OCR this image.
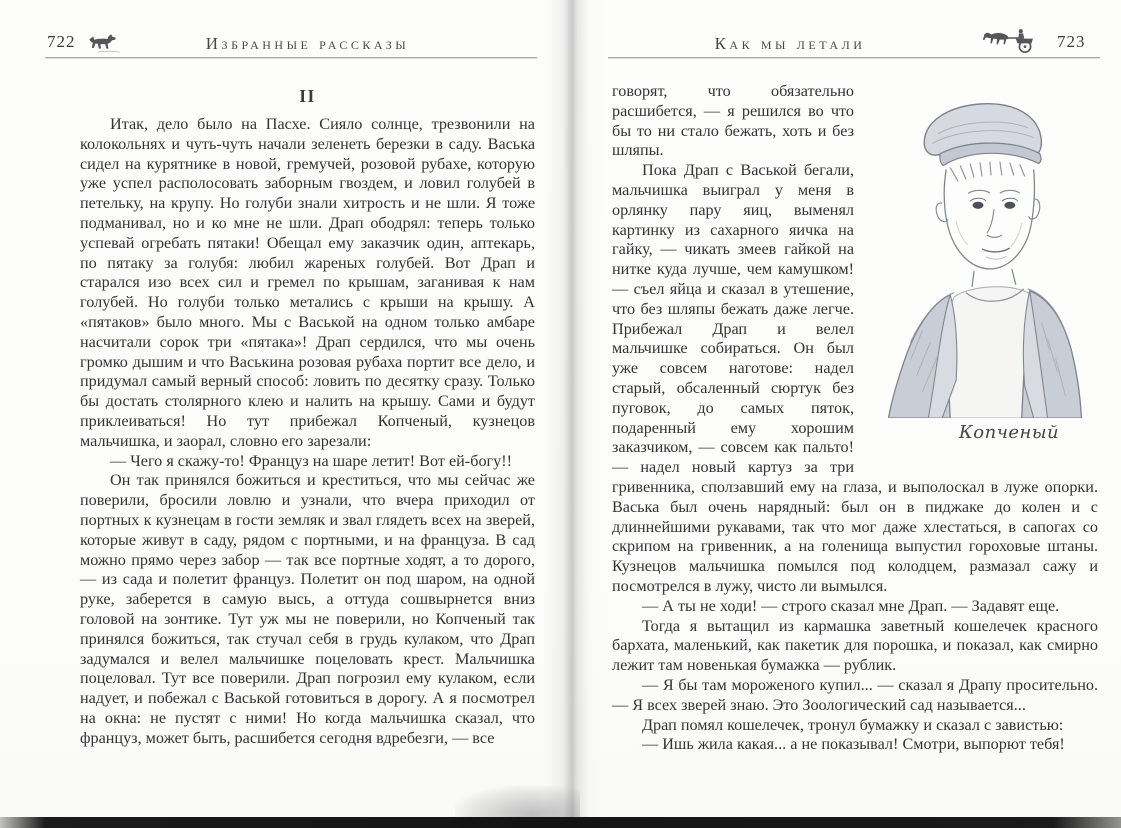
722	Избранные рассказы
II

Итак, дело было на Пасхе. Сияло солнце, трезвонили на колокольнях и чуть-чуть начали зеленеть березки в саду. Васька сидел на курятнике в новой, гремучей, розовой рубахе, которую уже успел располосовать заборным гвоздем, и ловил голубей в петельку, на крупу. Но голуби знали хитрость и не шли. Я тоже подманивал, но и ко мне не шли. Драп ободрял: теперь только успевай огребать пятаки! Обещал ему заказчик один, аптекарь, по пятаку за голубя: любил жареных голубей. Вот Драп и старался изо всех сил и гремел по крышам, заганивая к нам голубей. Но голуби только метались с крыши на крышу. А «пятаков» было много. Мы с Васькой на одном только амбаре насчитали сорок три «пятака»! Драп сердился, что мы очень громко дышим и что Васькина розовая рубаха портит все дело, и придумал самый верный способ: ловить по десятку сразу. Только бы достать столярного клею и налить на крышу. Сами и будут приклеиваться! Но тут прибежал Копченый, кузнецов мальчишка, и заорал, словно его зарезали:

— Чего я скажу-то! Француз на шаре летит! Вот ей-богу!!

Он так принялся божиться и креститься, что мы сейчас же поверили, бросили ловлю и узнали, что вчера приходил от портных к кузнецам в гости земляк и звал глядеть всех на зверей, которые живут в саду, рядом с портными, и на француза. В сад можно прямо через забор — так все портные ходят, а то дорого, — из сада и полетит француз. Полетит он под шаром, на одной руке, заберется в самую высь, а оттуда сошвырнется вниз головой на зонтике. Тут уж мы не поверили, но Копченый так принялся божиться, так стучал себя в грудь кулаком, что Драп задумался и велел мальчишке поцеловать крест. Мальчишка поцеловал. Тут все поверили. Драп погрозил ему кулаком, если надует, и побежал с Васькой готовиться в дорогу. А я посмотрел на окна: не пустят с ними! Но когда мальчишка сказал, что француз, может быть, расшибется сегодня вдребезги, — все

Как мы летали	723
Копченый

говорят, что обязательно расшибется, — я решился во что бы то ни стало бежать, хоть и без шляпы.

Пока Драп с Васькой бегали, мальчишка выиграл у меня в орлянку пару яиц, выменял картинку из сахарного яичка на гайку, — чикать змеев гайкой на нитке куда лучше, чем камушком! — съел яйца и сказал в утешение, что без шляпы бежать даже легче. Прибежал Драп и велел мальчишке собираться. Он был уже совсем наготове: надел старый, обсаленный сюртук без пуговок, до самых пяток, подаренный ему хорошим заказчиком, — совсем как пальто! — надел новый картуз за три гривенника, сползавший ему на глаза, и выполоскал в луже опорки. Васька был очень нарядный: был он в пиджаке до колен и с длиннейшими рукавами, так что мог даже хлестаться, в сапогах со скрипом на гривенник, а на голенища выпустил гороховые штаны. Кузнецов мальчишка помылся под колодцем, размазал сажу и посмотрелся в лужу, чисто ли вымылся.

— А ты не ходи! — строго сказал мне Драп. — Задавят еще.

Тогда я вытащил из кармашка заветный кошелечек красного бархата, маленький, как пакетик для порошка, и показал, как смирно лежит там новенькая бумажка — рублик.

— Я бы там мороженого купил... — сказал я Драпу просительно. — Я всех зверей знаю. Это Зоологический сад называется...

Драп помял кошелечек, тронул бумажку и сказал с завистью:

— Ишь жила какая... а не показывал! Смотри, выпорют тебя!
